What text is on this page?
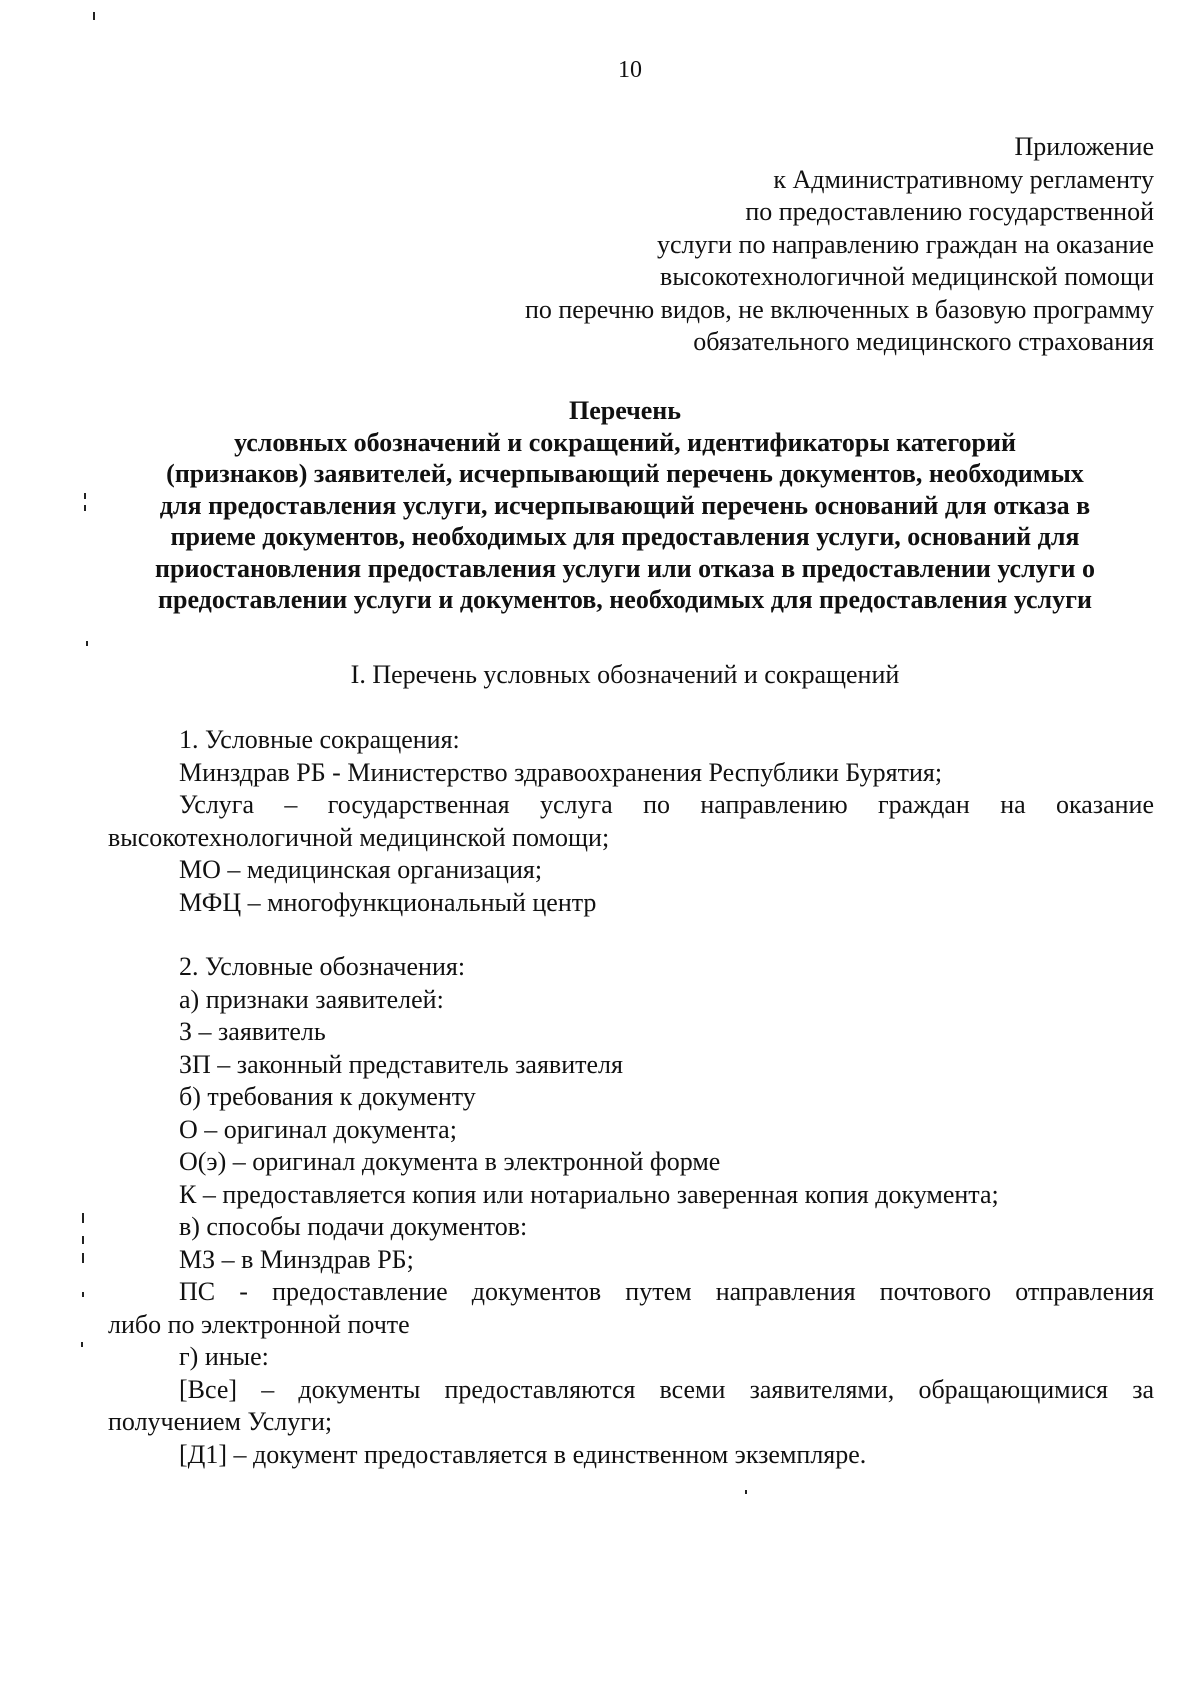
10
Приложение
к Административному регламенту
по предоставлению государственной
услуги по направлению граждан на оказание
высокотехнологичной медицинской помощи
по перечню видов, не включенных в базовую программу
обязательного медицинского страхования
Перечень
условных обозначений и сокращений, идентификаторы категорий
(признаков) заявителей, исчерпывающий перечень документов, необходимых
для предоставления услуги, исчерпывающий перечень оснований для отказа в
приеме документов, необходимых для предоставления услуги, оснований для
приостановления предоставления услуги или отказа в предоставлении услуги о
предоставлении услуги и документов, необходимых для предоставления услуги
I. Перечень условных обозначений и сокращений
1. Условные сокращения:
Минздрав РБ - Министерство здравоохранения Республики Бурятия;
Услуга – государственная услуга по направлению граждан на оказание
высокотехнологичной медицинской помощи;
МО – медицинская организация;
МФЦ – многофункциональный центр
2. Условные обозначения:
а) признаки заявителей:
З – заявитель
ЗП – законный представитель заявителя
б) требования к документу
О – оригинал документа;
О(э) – оригинал документа в электронной форме
К – предоставляется копия или нотариально заверенная копия документа;
в) способы подачи документов:
МЗ – в Минздрав РБ;
ПС - предоставление документов путем направления почтового отправления
либо по электронной почте
г) иные:
[Все] – документы предоставляются всеми заявителями, обращающимися за
получением Услуги;
[Д1] – документ предоставляется в единственном экземпляре.
